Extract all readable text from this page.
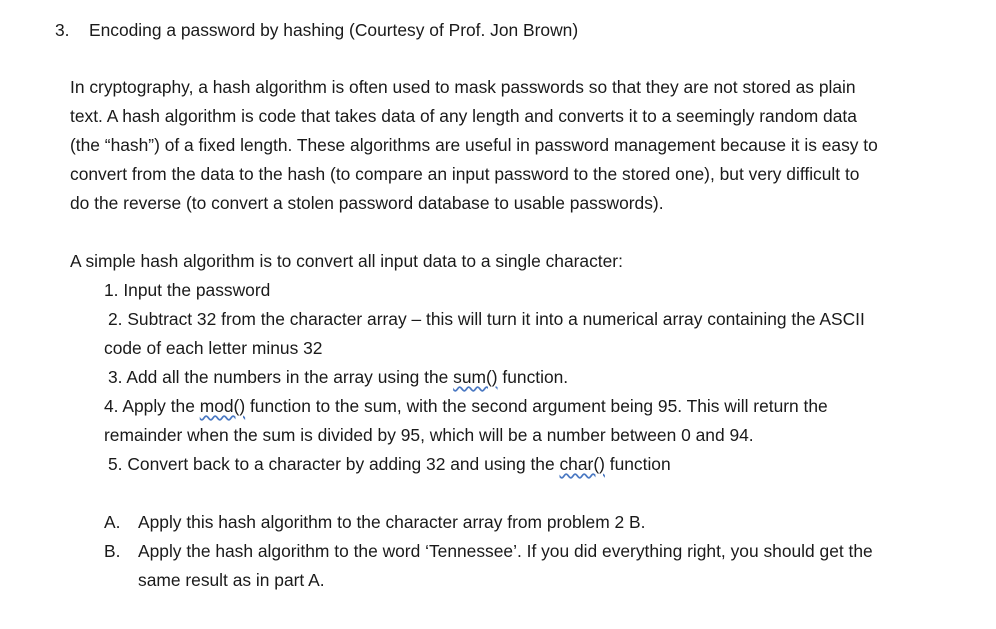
3. Encoding a password by hashing (Courtesy of Prof. Jon Brown)
In cryptography, a hash algorithm is often used to mask passwords so that they are not stored as plain
text. A hash algorithm is code that takes data of any length and converts it to a seemingly random data
(the “hash”) of a fixed length. These algorithms are useful in password management because it is easy to
convert from the data to the hash (to compare an input password to the stored one), but very difficult to
do the reverse (to convert a stolen password database to usable passwords).
A simple hash algorithm is to convert all input data to a single character:
1. Input the password
2. Subtract 32 from the character array – this will turn it into a numerical array containing the ASCII
code of each letter minus 32
3. Add all the numbers in the array using the sum() function.
4. Apply the mod() function to the sum, with the second argument being 95. This will return the
remainder when the sum is divided by 95, which will be a number between 0 and 94.
5. Convert back to a character by adding 32 and using the char() function
A. Apply this hash algorithm to the character array from problem 2 B.
B. Apply the hash algorithm to the word ‘Tennessee’. If you did everything right, you should get the
same result as in part A.
